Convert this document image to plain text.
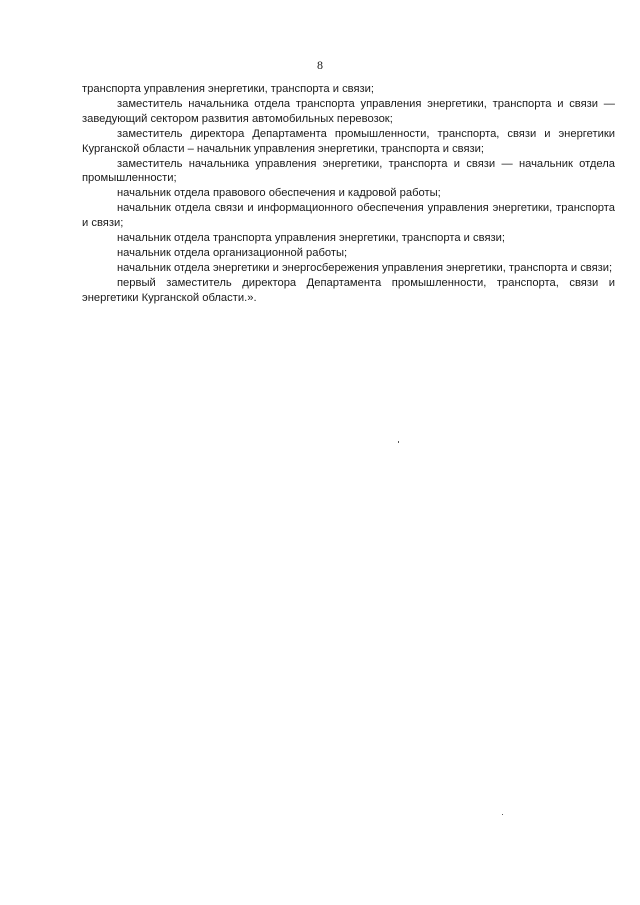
8

транспорта управления энергетики, транспорта и связи;

заместитель начальника отдела транспорта управления энергетики, транспорта и связи — заведующий сектором развития автомобильных перевозок;

заместитель директора Департамента промышленности, транспорта, связи и энергетики Курганской области – начальник управления энергетики, транспорта и связи;

заместитель начальника управления энергетики, транспорта и связи — начальник отдела промышленности;

начальник отдела правового обеспечения и кадровой работы;

начальник отдела связи и информационного обеспечения управления энергетики, транспорта и связи;

начальник отдела транспорта управления энергетики, транспорта и связи;

начальник отдела организационной работы;

начальник отдела энергетики и энергосбережения управления энергетики, транспорта и связи;

первый заместитель директора Департамента промышленности, транспорта, связи и энергетики Курганской области.».
